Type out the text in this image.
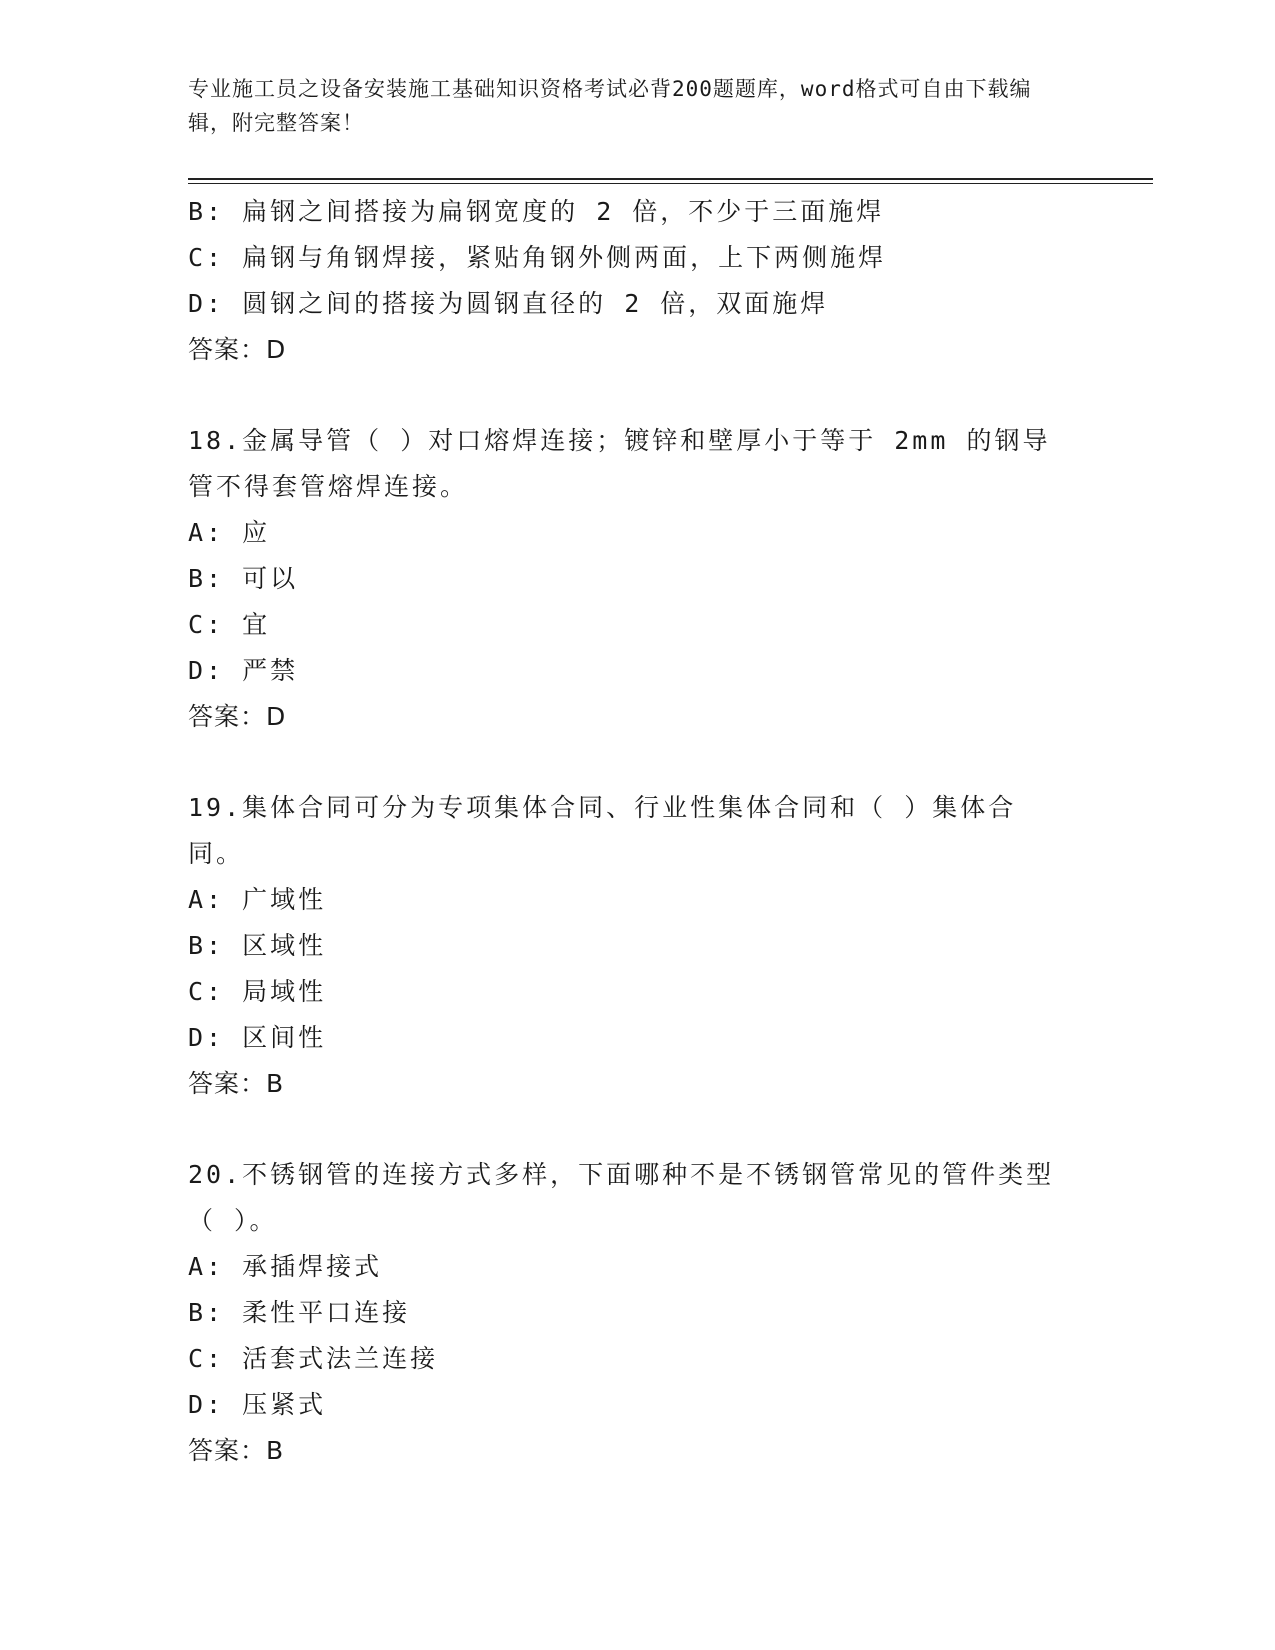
专业施工员之设备安装施工基础知识资格考试必背200题题库，word格式可自由下载编辑，附完整答案！
B: 扁钢之间搭接为扁钢宽度的 2 倍，不少于三面施焊
C: 扁钢与角钢焊接，紧贴角钢外侧两面，上下两侧施焊
D: 圆钢之间的搭接为圆钢直径的 2 倍，双面施焊
答案：D
18.金属导管（ ）对口熔焊连接；镀锌和壁厚小于等于 2mm 的钢导管不得套管熔焊连接。
A: 应
B: 可以
C: 宜
D: 严禁
答案：D
19.集体合同可分为专项集体合同、行业性集体合同和（ ）集体合同。
A: 广域性
B: 区域性
C: 局域性
D: 区间性
答案：B
20.不锈钢管的连接方式多样，下面哪种不是不锈钢管常见的管件类型（ ）。
A: 承插焊接式
B: 柔性平口连接
C: 活套式法兰连接
D: 压紧式
答案：B
